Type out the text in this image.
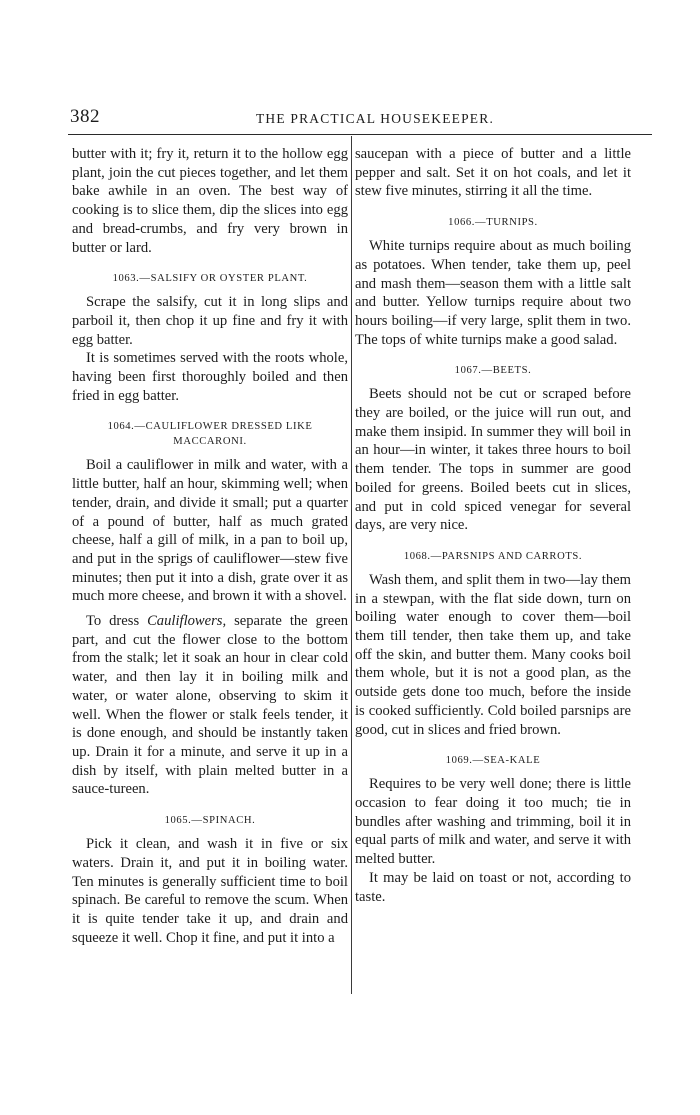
382	THE PRACTICAL HOUSEKEEPER.

butter with it; fry it, return it to the hollow egg plant, join the cut pieces together, and let them bake awhile in an oven. The best way of cooking is to slice them, dip the slices into egg and bread-crumbs, and fry very brown in butter or lard.

1063.—SALSIFY OR OYSTER PLANT.

Scrape the salsify, cut it in long slips and parboil it, then chop it up fine and fry it with egg batter.

It is sometimes served with the roots whole, having been first thoroughly boiled and then fried in egg batter.

1064.—CAULIFLOWER DRESSED LIKE MACCARONI.

Boil a cauliflower in milk and water, with a little butter, half an hour, skimming well; when tender, drain, and divide it small; put a quarter of a pound of butter, half as much grated cheese, half a gill of milk, in a pan to boil up, and put in the sprigs of cauliflower—stew five minutes; then put it into a dish, grate over it as much more cheese, and brown it with a shovel.

To dress Cauliflowers, separate the green part, and cut the flower close to the bottom from the stalk; let it soak an hour in clear cold water, and then lay it in boiling milk and water, or water alone, observing to skim it well. When the flower or stalk feels tender, it is done enough, and should be instantly taken up. Drain it for a minute, and serve it up in a dish by itself, with plain melted butter in a sauce-tureen.

1065.—SPINACH.

Pick it clean, and wash it in five or six waters. Drain it, and put it in boiling water. Ten minutes is generally sufficient time to boil spinach. Be careful to remove the scum. When it is quite tender take it up, and drain and squeeze it well. Chop it fine, and put it into a

saucepan with a piece of butter and a little pepper and salt. Set it on hot coals, and let it stew five minutes, stirring it all the time.

1066.—TURNIPS.

White turnips require about as much boiling as potatoes. When tender, take them up, peel and mash them—season them with a little salt and butter. Yellow turnips require about two hours boiling—if very large, split them in two. The tops of white turnips make a good salad.

1067.—BEETS.

Beets should not be cut or scraped before they are boiled, or the juice will run out, and make them insipid. In summer they will boil in an hour—in winter, it takes three hours to boil them tender. The tops in summer are good boiled for greens. Boiled beets cut in slices, and put in cold spiced venegar for several days, are very nice.

1068.—PARSNIPS AND CARROTS.

Wash them, and split them in two—lay them in a stewpan, with the flat side down, turn on boiling water enough to cover them—boil them till tender, then take them up, and take off the skin, and butter them. Many cooks boil them whole, but it is not a good plan, as the outside gets done too much, before the inside is cooked sufficiently. Cold boiled parsnips are good, cut in slices and fried brown.

1069.—SEA-KALE

Requires to be very well done; there is little occasion to fear doing it too much; tie in bundles after washing and trimming, boil it in equal parts of milk and water, and serve it with melted butter.

It may be laid on toast or not, according to taste.
